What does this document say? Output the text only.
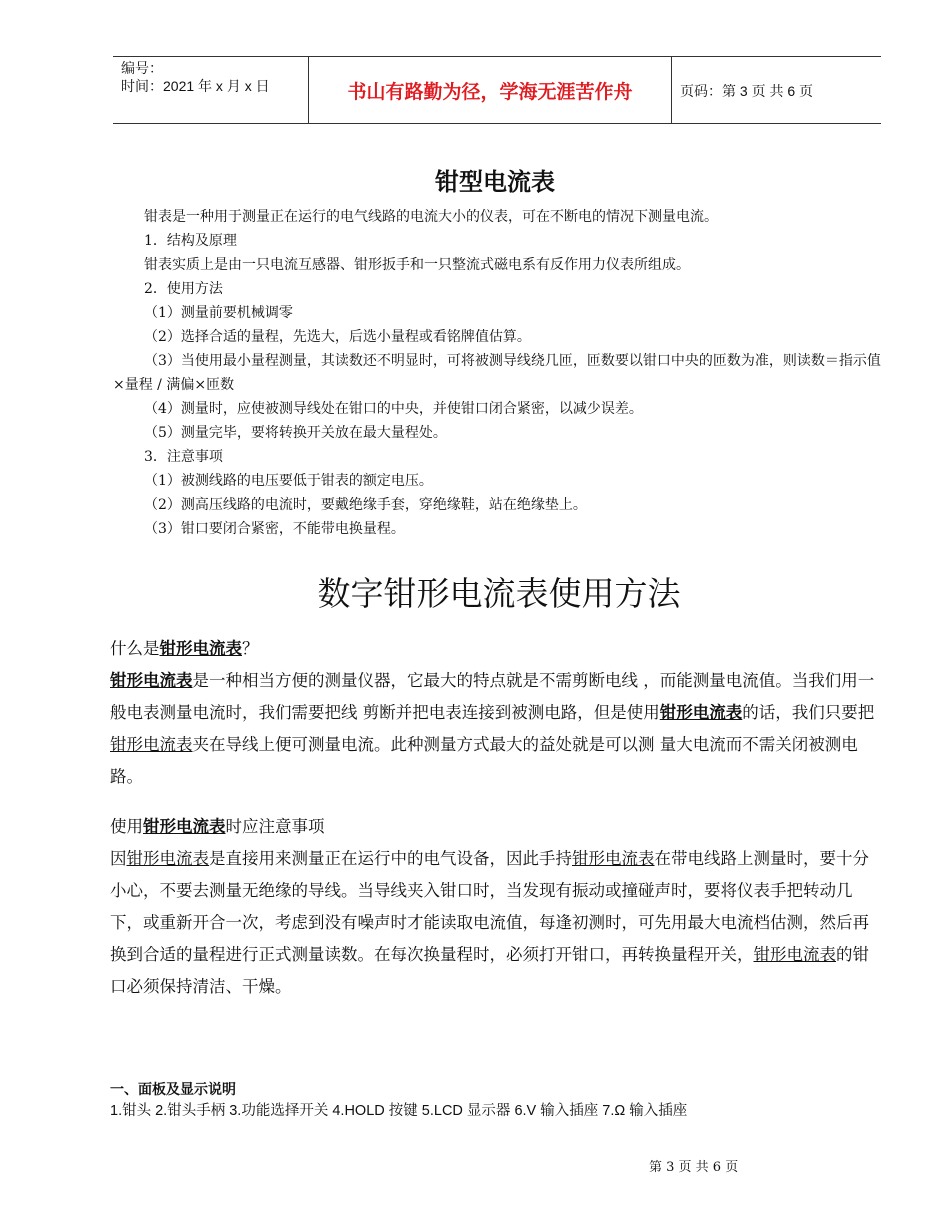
编号：
时间：2021 年 x 月 x 日	书山有路勤为径，学海无涯苦作舟	页码：第 3 页 共 6 页
钳型电流表

钳表是一种用于测量正在运行的电气线路的电流大小的仪表，可在不断电的情况下测量电流。

1．结构及原理

钳表实质上是由一只电流互感器、钳形扳手和一只整流式磁电系有反作用力仪表所组成。

2．使用方法

（1）测量前要机械调零

（2）选择合适的量程，先选大，后选小量程或看铭牌值估算。

（3）当使用最小量程测量，其读数还不明显时，可将被测导线绕几匝，匝数要以钳口中央的匝数为准，则读数＝指示值×量程 / 满偏×匝数

（4）测量时，应使被测导线处在钳口的中央，并使钳口闭合紧密，以减少误差。

（5）测量完毕，要将转换开关放在最大量程处。

3．注意事项

（1）被测线路的电压要低于钳表的额定电压。

（2）测高压线路的电流时，要戴绝缘手套，穿绝缘鞋，站在绝缘垫上。

（3）钳口要闭合紧密，不能带电换量程。

数字钳形电流表使用方法

什么是钳形电流表？

钳形电流表是一种相当方便的测量仪器，它最大的特点就是不需剪断电线 ，而能测量电流值。当我们用一般电表测量电流时，我们需要把线 剪断并把电表连接到被测电路，但是使用钳形电流表的话，我们只要把钳形电流表夹在导线上便可测量电流。此种测量方式最大的益处就是可以测 量大电流而不需关闭被测电路。

使用钳形电流表时应注意事项

因钳形电流表是直接用来测量正在运行中的电气设备，因此手持钳形电流表在带电线路上测量时，要十分小心，不要去测量无绝缘的导线。当导线夹入钳口时，当发现有振动或撞碰声时，要将仪表手把转动几下，或重新开合一次，考虑到没有噪声时才能读取电流值，每逢初测时，可先用最大电流档估测，然后再换到合适的量程进行正式测量读数。在每次换量程时，必须打开钳口，再转换量程开关，钳形电流表的钳口必须保持清洁、干燥。

一、面板及显示说明

1.钳头 2.钳头手柄 3.功能选择开关 4.HOLD 按键 5.LCD 显示器 6.V 输入插座 7.Ω 输入插座

第 3 页 共 6 页
